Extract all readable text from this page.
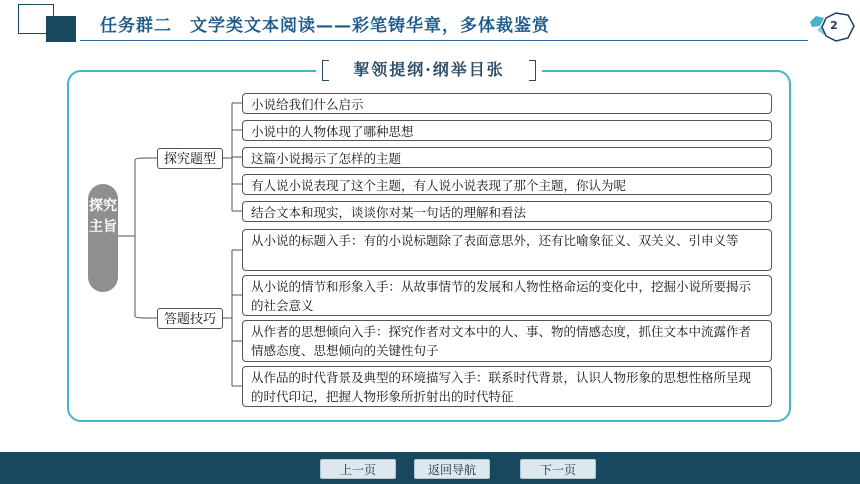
任务群二　文学类文本阅读——彩笔铸华章，多体裁鉴赏	2
挈领提纲·纲举目张

探究主旨

探究题型
答题技巧
小说给我们什么启示
小说中的人物体现了哪种思想
这篇小说揭示了怎样的主题
有人说小说表现了这个主题，有人说小说表现了那个主题，你认为呢
结合文本和现实，谈谈你对某一句话的理解和看法
从小说的标题入手：有的小说标题除了表面意思外，还有比喻象征义、双关义、引申义等
从小说的情节和形象入手：从故事情节的发展和人物性格命运的变化中，挖掘小说所要揭示的社会意义
从作者的思想倾向入手：探究作者对文本中的人、事、物的情感态度，抓住文本中流露作者情感态度、思想倾向的关键性句子
从作品的时代背景及典型的环境描写入手：联系时代背景，认识人物形象的思想性格所呈现的时代印记，把握人物形象所折射出的时代特征
上一页	返回导航	下一页
